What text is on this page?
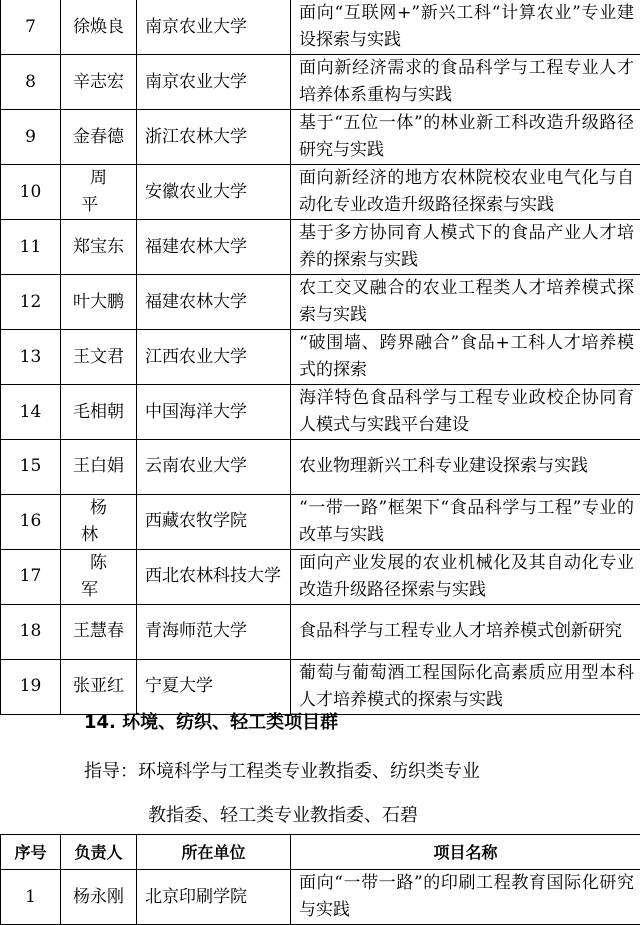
7	徐焕良	南京农业大学	面向“互联网+”新兴工科“计算农业”专业建设探索与实践
8	辛志宏	南京农业大学	面向新经济需求的食品科学与工程专业人才培养体系重构与实践
9	金春德	浙江农林大学	基于“五位一体”的林业新工科改造升级路径研究与实践
10	周平	安徽农业大学	面向新经济的地方农林院校农业电气化与自动化专业改造升级路径探索与实践
11	郑宝东	福建农林大学	基于多方协同育人模式下的食品产业人才培养的探索与实践
12	叶大鹏	福建农林大学	农工交叉融合的农业工程类人才培养模式探索与实践
13	王文君	江西农业大学	“破围墙、跨界融合”食品+工科人才培养模式的探索
14	毛相朝	中国海洋大学	海洋特色食品科学与工程专业政校企协同育人模式与实践平台建设
15	王白娟	云南农业大学	农业物理新兴工科专业建设探索与实践
16	杨林	西藏农牧学院	“一带一路”框架下“食品科学与工程”专业的改革与实践
17	陈军	西北农林科技大学	面向产业发展的农业机械化及其自动化专业改造升级路径探索与实践
18	王慧春	青海师范大学	食品科学与工程专业人才培养模式创新研究
19	张亚红	宁夏大学	葡萄与葡萄酒工程国际化高素质应用型本科人才培养模式的探索与实践
14. 环境、纺织、轻工类项目群
指导：环境科学与工程类专业教指委、纺织类专业
教指委、轻工类专业教指委、石碧
序号	负责人	所在单位	项目名称
1	杨永刚	北京印刷学院	面向“一带一路”的印刷工程教育国际化研究与实践
